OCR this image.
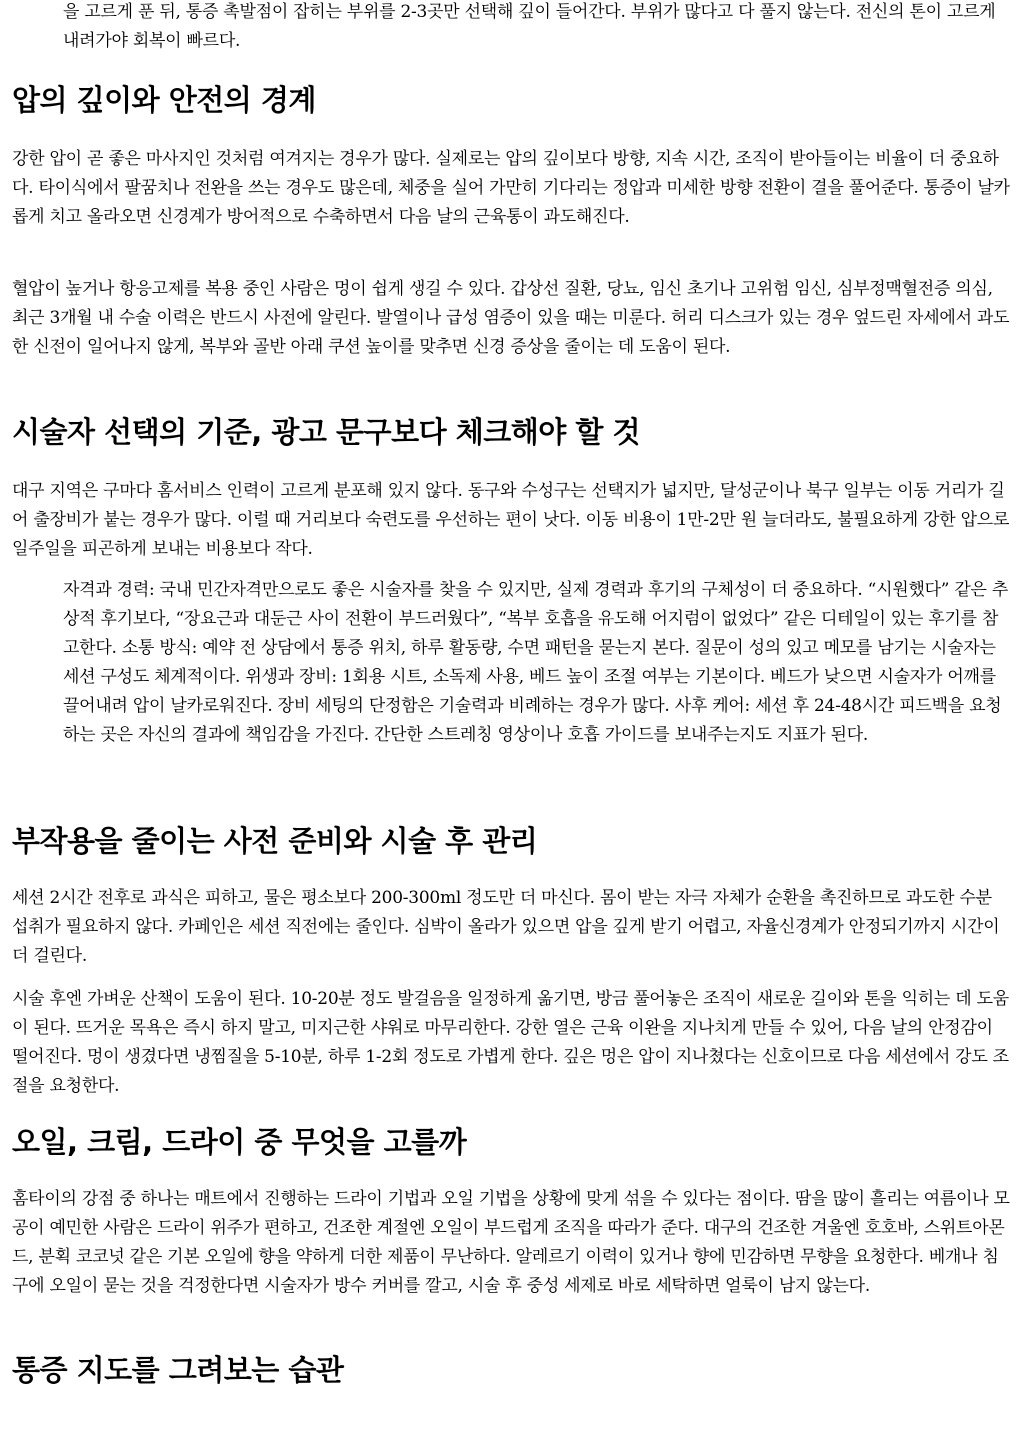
을 고르게 푼 뒤, 통증 촉발점이 잡히는 부위를 2-3곳만 선택해 깊이 들어간다. 부위가 많다고 다 풀지 않는다. 전신의 톤이 고르게 내려가야 회복이 빠르다.

압의 깊이와 안전의 경계

강한 압이 곧 좋은 마사지인 것처럼 여겨지는 경우가 많다. 실제로는 압의 깊이보다 방향, 지속 시간, 조직이 받아들이는 비율이 더 중요하다. 타이식에서 팔꿈치나 전완을 쓰는 경우도 많은데, 체중을 실어 가만히 기다리는 정압과 미세한 방향 전환이 결을 풀어준다. 통증이 날카롭게 치고 올라오면 신경계가 방어적으로 수축하면서 다음 날의 근육통이 과도해진다.

혈압이 높거나 항응고제를 복용 중인 사람은 멍이 쉽게 생길 수 있다. 갑상선 질환, 당뇨, 임신 초기나 고위험 임신, 심부정맥혈전증 의심, 최근 3개월 내 수술 이력은 반드시 사전에 알린다. 발열이나 급성 염증이 있을 때는 미룬다. 허리 디스크가 있는 경우 엎드린 자세에서 과도한 신전이 일어나지 않게, 복부와 골반 아래 쿠션 높이를 맞추면 신경 증상을 줄이는 데 도움이 된다.

시술자 선택의 기준, 광고 문구보다 체크해야 할 것

대구 지역은 구마다 홈서비스 인력이 고르게 분포해 있지 않다. 동구와 수성구는 선택지가 넓지만, 달성군이나 북구 일부는 이동 거리가 길어 출장비가 붙는 경우가 많다. 이럴 때 거리보다 숙련도를 우선하는 편이 낫다. 이동 비용이 1만-2만 원 늘더라도, 불필요하게 강한 압으로 일주일을 피곤하게 보내는 비용보다 작다.

자격과 경력: 국내 민간자격만으로도 좋은 시술자를 찾을 수 있지만, 실제 경력과 후기의 구체성이 더 중요하다. “시원했다” 같은 추상적 후기보다, “장요근과 대둔근 사이 전환이 부드러웠다”, “복부 호흡을 유도해 어지럼이 없었다” 같은 디테일이 있는 후기를 참고한다. 소통 방식: 예약 전 상담에서 통증 위치, 하루 활동량, 수면 패턴을 묻는지 본다. 질문이 성의 있고 메모를 남기는 시술자는 세션 구성도 체계적이다. 위생과 장비: 1회용 시트, 소독제 사용, 베드 높이 조절 여부는 기본이다. 베드가 낮으면 시술자가 어깨를 끌어내려 압이 날카로워진다. 장비 세팅의 단정함은 기술력과 비례하는 경우가 많다. 사후 케어: 세션 후 24-48시간 피드백을 요청하는 곳은 자신의 결과에 책임감을 가진다. 간단한 스트레칭 영상이나 호흡 가이드를 보내주는지도 지표가 된다.

부작용을 줄이는 사전 준비와 시술 후 관리

세션 2시간 전후로 과식은 피하고, 물은 평소보다 200-300ml 정도만 더 마신다. 몸이 받는 자극 자체가 순환을 촉진하므로 과도한 수분 섭취가 필요하지 않다. 카페인은 세션 직전에는 줄인다. 심박이 올라가 있으면 압을 깊게 받기 어렵고, 자율신경계가 안정되기까지 시간이 더 걸린다.

시술 후엔 가벼운 산책이 도움이 된다. 10-20분 정도 발걸음을 일정하게 옮기면, 방금 풀어놓은 조직이 새로운 길이와 톤을 익히는 데 도움이 된다. 뜨거운 목욕은 즉시 하지 말고, 미지근한 샤워로 마무리한다. 강한 열은 근육 이완을 지나치게 만들 수 있어, 다음 날의 안정감이 떨어진다. 멍이 생겼다면 냉찜질을 5-10분, 하루 1-2회 정도로 가볍게 한다. 깊은 멍은 압이 지나쳤다는 신호이므로 다음 세션에서 강도 조절을 요청한다.

오일, 크림, 드라이 중 무엇을 고를까

홈타이의 강점 중 하나는 매트에서 진행하는 드라이 기법과 오일 기법을 상황에 맞게 섞을 수 있다는 점이다. 땀을 많이 흘리는 여름이나 모공이 예민한 사람은 드라이 위주가 편하고, 건조한 계절엔 오일이 부드럽게 조직을 따라가 준다. 대구의 건조한 겨울엔 호호바, 스위트아몬드, 분획 코코넛 같은 기본 오일에 향을 약하게 더한 제품이 무난하다. 알레르기 이력이 있거나 향에 민감하면 무향을 요청한다. 베개나 침구에 오일이 묻는 것을 걱정한다면 시술자가 방수 커버를 깔고, 시술 후 중성 세제로 바로 세탁하면 얼룩이 남지 않는다.

통증 지도를 그려보는 습관
